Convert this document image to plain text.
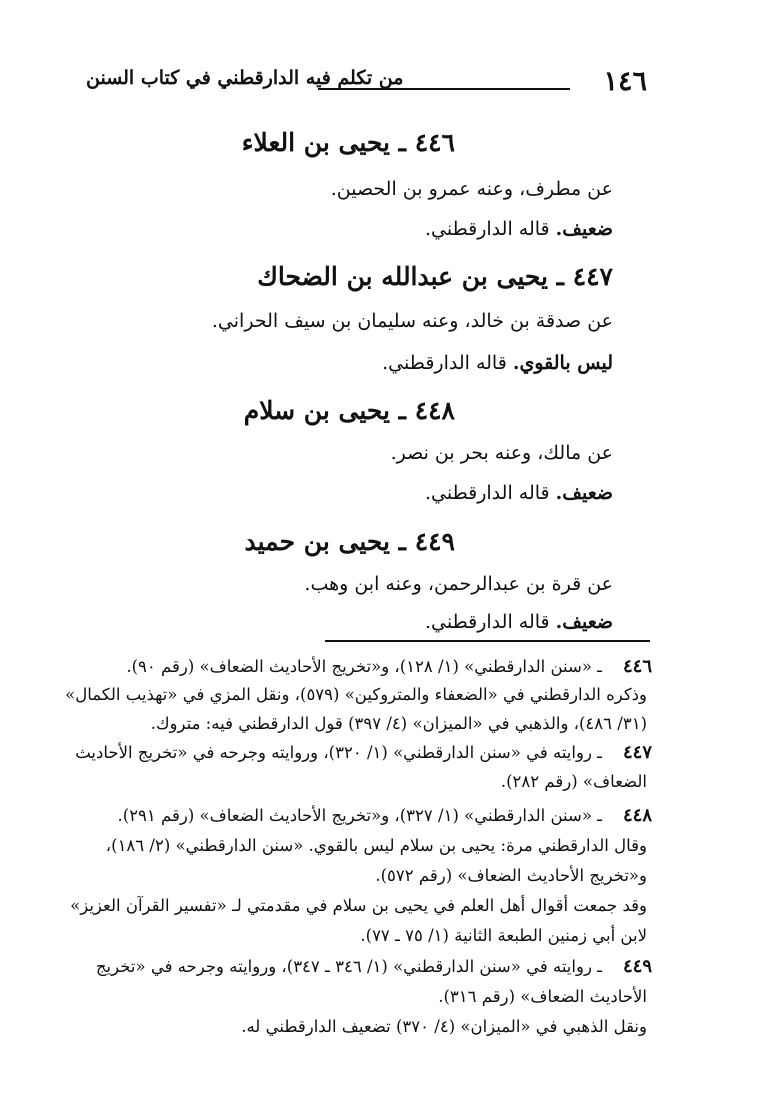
١٤٦
من تكلم فيه الدارقطني في كتاب السنن
٤٤٦ ـ يحيى بن العلاء
عن مطرف، وعنه عمرو بن الحصين.
ضعيف. قاله الدارقطني.
٤٤٧ ـ يحيى بن عبدالله بن الضحاك
عن صدقة بن خالد، وعنه سليمان بن سيف الحراني.
ليس بالقوي. قاله الدارقطني.
٤٤٨ ـ يحيى بن سلام
عن مالك، وعنه بحر بن نصر.
ضعيف. قاله الدارقطني.
٤٤٩ ـ يحيى بن حميد
عن قرة بن عبدالرحمن، وعنه ابن وهب.
ضعيف. قاله الدارقطني.
٤٤٦
ـ «سنن الدارقطني» (١/ ١٢٨)، و«تخريج الأحاديث الضعاف» (رقم ٩٠).
وذكره الدارقطني في «الضعفاء والمتروكين» (٥٧٩)، ونقل المزي في «تهذيب الكمال»
(٣١/ ٤٨٦)، والذهبي في «الميزان» (٤/ ٣٩٧) قول الدارقطني فيه: متروك.
٤٤٧
ـ روايته في «سنن الدارقطني» (١/ ٣٢٠)، وروايته وجرحه في «تخريج الأحاديث
الضعاف» (رقم ٢٨٢).
٤٤٨
ـ «سنن الدارقطني» (١/ ٣٢٧)، و«تخريج الأحاديث الضعاف» (رقم ٢٩١).
وقال الدارقطني مرة: يحيى بن سلام ليس بالقوي. «سنن الدارقطني» (٢/ ١٨٦)،
و«تخريج الأحاديث الضعاف» (رقم ٥٧٢).
وقد جمعت أقوال أهل العلم في يحيى بن سلام في مقدمتي لـ «تفسير القرآن العزيز»
لابن أبي زمنين الطبعة الثانية (١/ ٧٥ ـ ٧٧).
٤٤٩
ـ روايته في «سنن الدارقطني» (١/ ٣٤٦ ـ ٣٤٧)، وروايته وجرحه في «تخريج
الأحاديث الضعاف» (رقم ٣١٦).
ونقل الذهبي في «الميزان» (٤/ ٣٧٠) تضعيف الدارقطني له.
